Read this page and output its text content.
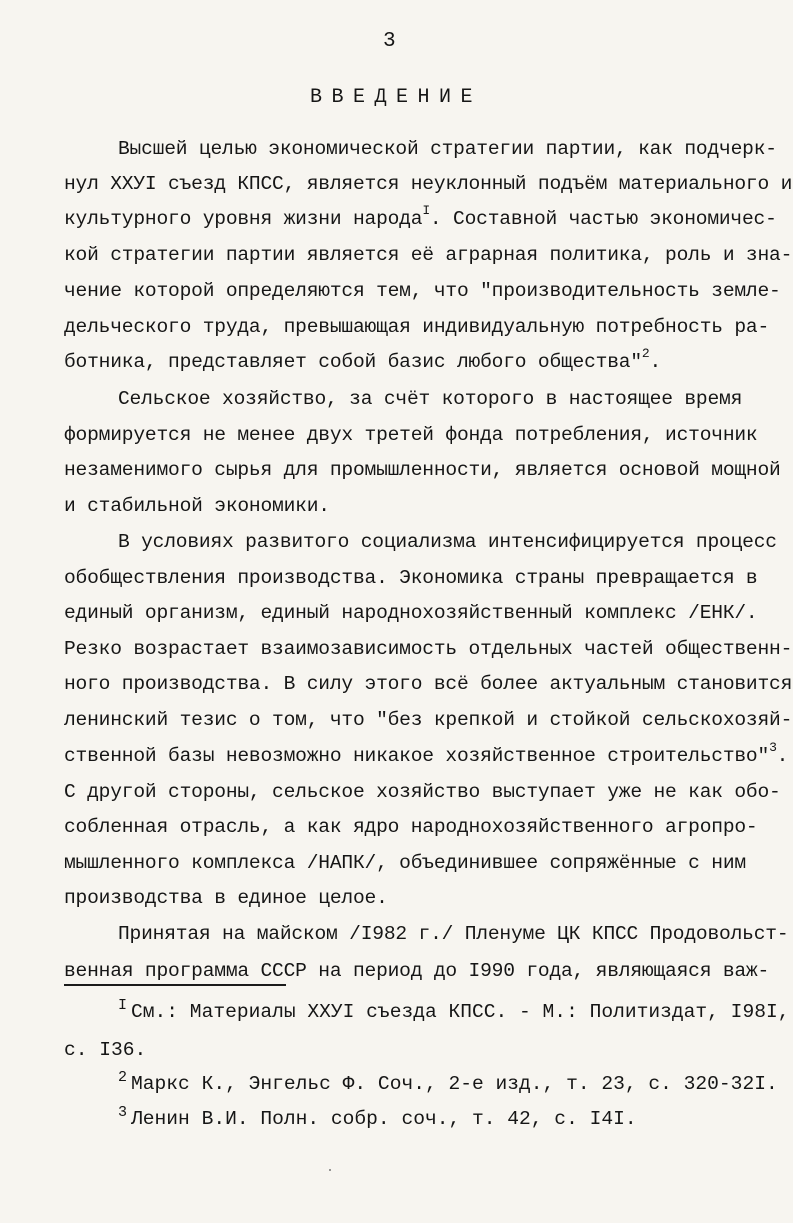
3
ВВЕДЕНИЕ
Высшей целью экономической стратегии партии, как подчерк-
нул ХХУI съезд КПСС, является неуклонный подъём материального и
культурного уровня жизни народа$^I$. Составной частью экономичес-
кой стратегии партии является её аграрная политика, роль и зна-
чение которой определяются тем, что "производительность земле-
дельческого труда, превышающая индивидуальную потребность ра-
ботника, представляет собой базис любого общества"$^2$.
Сельское хозяйство, за счёт которого в настоящее время
формируется не менее двух третей фонда потребления, источник
незаменимого сырья для промышленности, является основой мощной
и стабильной экономики.
В условиях развитого социализма интенсифицируется процесс
обобществления производства. Экономика страны превращается в
единый организм, единый народнохозяйственный комплекс /ЕНК/.
Резко возрастает взаимозависимость отдельных частей общественн-
ного производства. В силу этого всё более актуальным становится
ленинский тезис о том, что "без крепкой и стойкой сельскохозяй-
ственной базы невозможно никакое хозяйственное строительство"$^3$.
С другой стороны, сельское хозяйство выступает уже не как обо-
собленная отрасль, а как ядро народнохозяйственного агропро-
мышленного комплекса /НАПК/, объединившее сопряжённые с ним
производства в единое целое.
Принятая на майском /I982 г./ Пленуме ЦК КПСС Продовольст-
венная программа СССР на период до I990 года, являющаяся важ-
$^I$ См.: Материалы ХХУI съезда КПСС. - М.: Политиздат, I98I,
с. I36.
$^2$ Маркс К., Энгельс Ф. Соч., 2-е изд., т. 23, с. 320-32I.
$^3$ Ленин В.И. Полн. собр. соч., т. 42, с. I4I.
